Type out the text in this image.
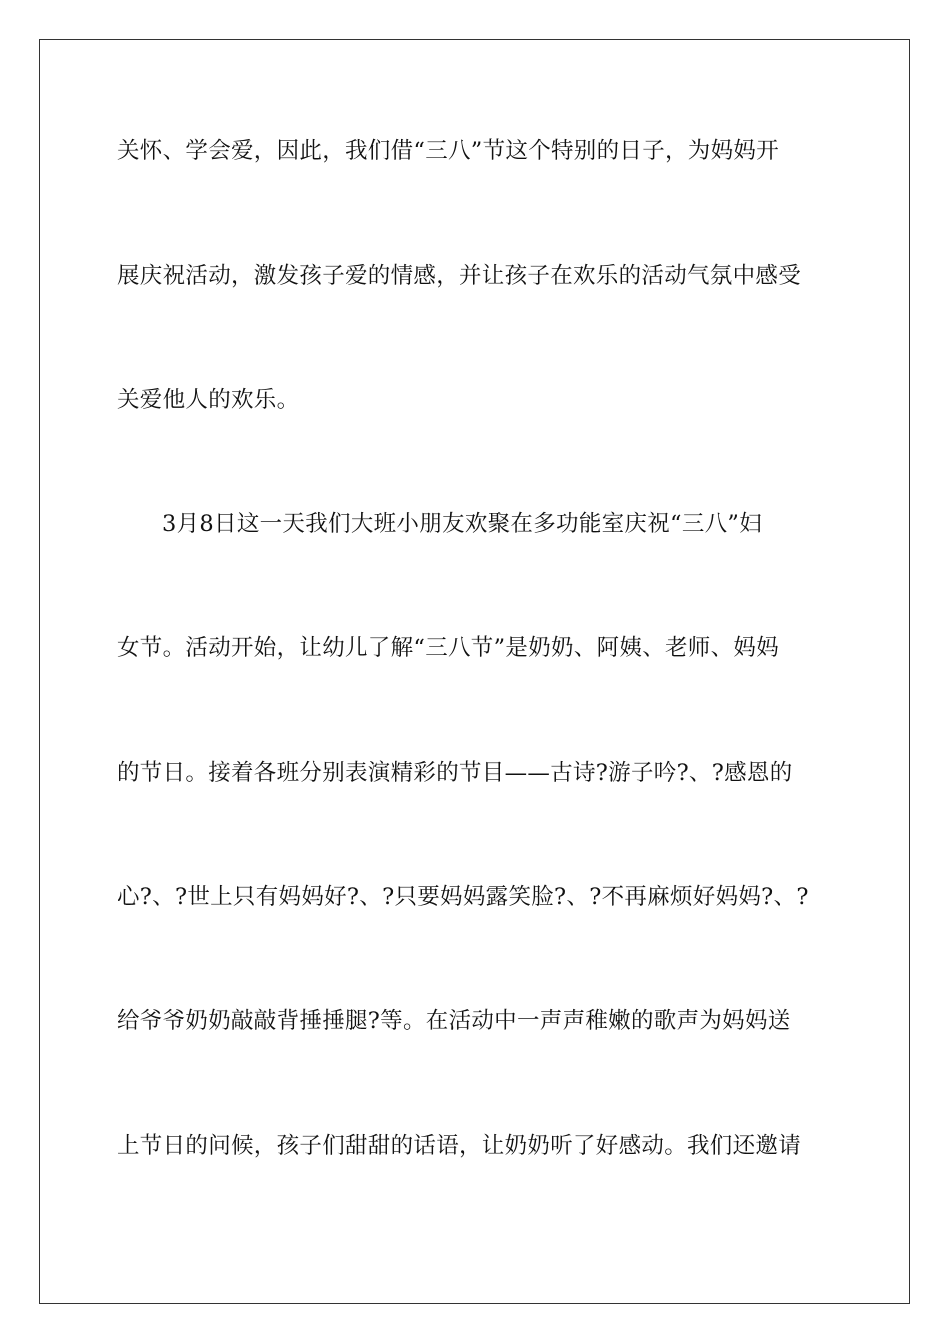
关怀、学会爱，因此，我们借“三八”节这个特别的日子，为妈妈开
展庆祝活动，激发孩子爱的情感，并让孩子在欢乐的活动气氛中感受
关爱他人的欢乐。
3月8日这一天我们大班小朋友欢聚在多功能室庆祝“三八”妇
女节。活动开始，让幼儿了解“三八节”是奶奶、阿姨、老师、妈妈
的节日。接着各班分别表演精彩的节目——古诗?游子吟?、?感恩的
心?、?世上只有妈妈好?、?只要妈妈露笑脸?、?不再麻烦好妈妈?、?
给爷爷奶奶敲敲背捶捶腿?等。在活动中一声声稚嫩的歌声为妈妈送
上节日的问候，孩子们甜甜的话语，让奶奶听了好感动。我们还邀请
